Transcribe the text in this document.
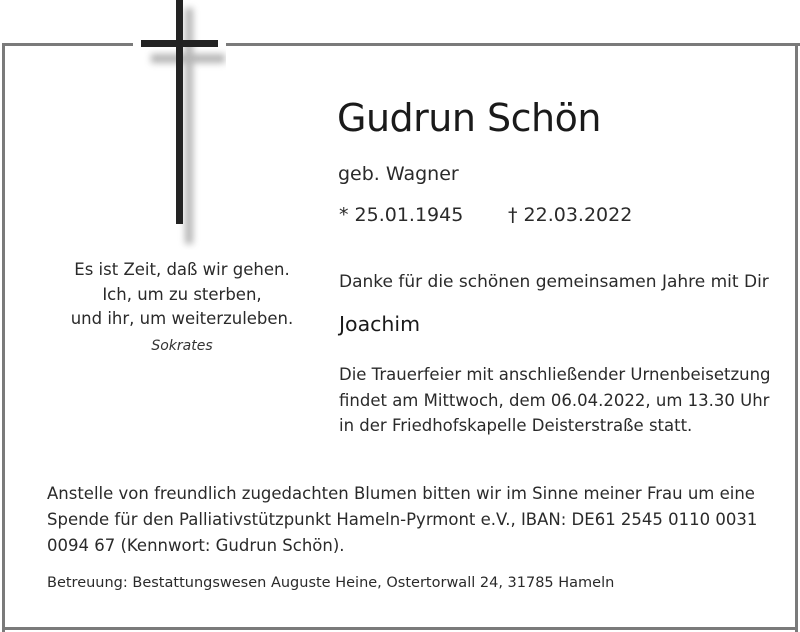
Gudrun Schön
geb. Wagner
* 25.01.1945 † 22.03.2022
Es ist Zeit, daß wir gehen.
Ich, um zu sterben,
und ihr, um weiterzuleben.
Sokrates
Danke für die schönen gemeinsamen Jahre mit Dir
Joachim
Die Trauerfeier mit anschließender Urnenbeisetzung
findet am Mittwoch, dem 06.04.2022, um 13.30 Uhr
in der Friedhofskapelle Deisterstraße statt.
Anstelle von freundlich zugedachten Blumen bitten wir im Sinne meiner Frau um eine
Spende für den Palliativstützpunkt Hameln-Pyrmont e.V., IBAN: DE61 2545 0110 0031
0094 67 (Kennwort: Gudrun Schön).
Betreuung: Bestattungswesen Auguste Heine, Ostertorwall 24, 31785 Hameln
